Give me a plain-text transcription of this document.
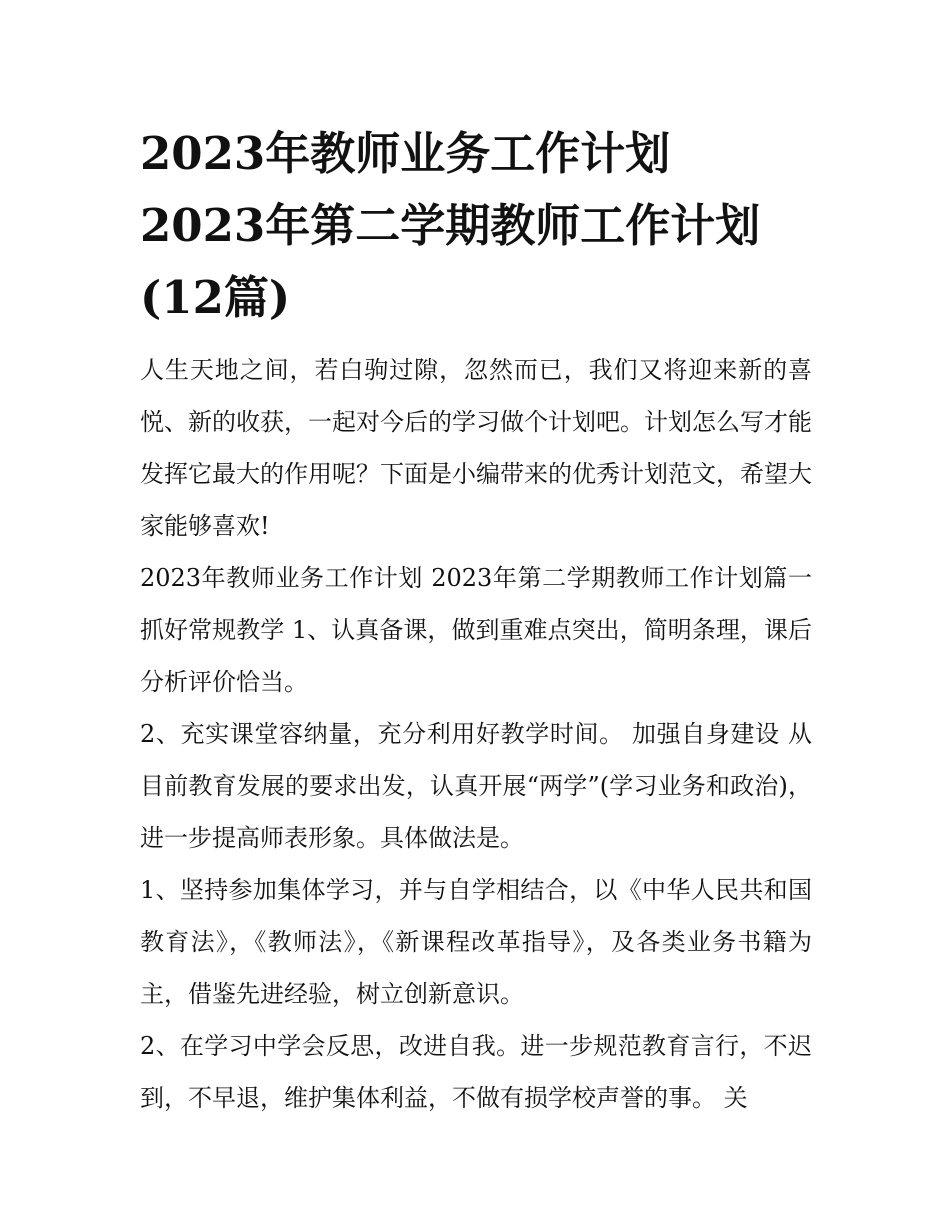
2023年教师业务工作计划
2023年第二学期教师工作计划
(12篇)

人生天地之间，若白驹过隙，忽然而已，我们又将迎来新的喜悦、新的收获，一起对今后的学习做个计划吧。计划怎么写才能发挥它最大的作用呢？下面是小编带来的优秀计划范文，希望大家能够喜欢!

2023年教师业务工作计划 2023年第二学期教师工作计划篇一 抓好常规教学 1、认真备课，做到重难点突出，简明条理，课后分析评价恰当。

2、充实课堂容纳量，充分利用好教学时间。 加强自身建设 从目前教育发展的要求出发，认真开展“两学”(学习业务和政治)，进一步提高师表形象。具体做法是。

1、坚持参加集体学习，并与自学相结合，以《中华人民共和国教育法》，《教师法》，《新课程改革指导》，及各类业务书籍为主，借鉴先进经验，树立创新意识。

2、在学习中学会反思，改进自我。进一步规范教育言行，不迟到，不早退，维护集体利益，不做有损学校声誉的事。 关
